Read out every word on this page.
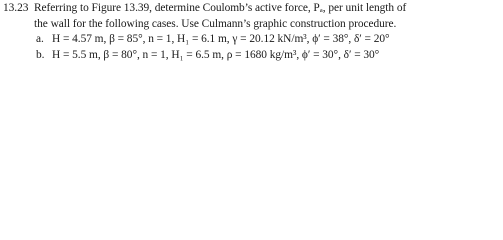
13.23 Referring to Figure 13.39, determine Coulomb’s active force, Pₐ, per unit length of
the wall for the following cases. Use Culmann’s graphic construction procedure.
a. H = 4.57 m, β = 85°, n = 1, H₁ = 6.1 m, γ = 20.12 kN/m³, ϕ′ = 38°, δ′ = 20°
b. H = 5.5 m, β = 80°, n = 1, H₁ = 6.5 m, ρ = 1680 kg/m³, ϕ′ = 30°, δ′ = 30°
